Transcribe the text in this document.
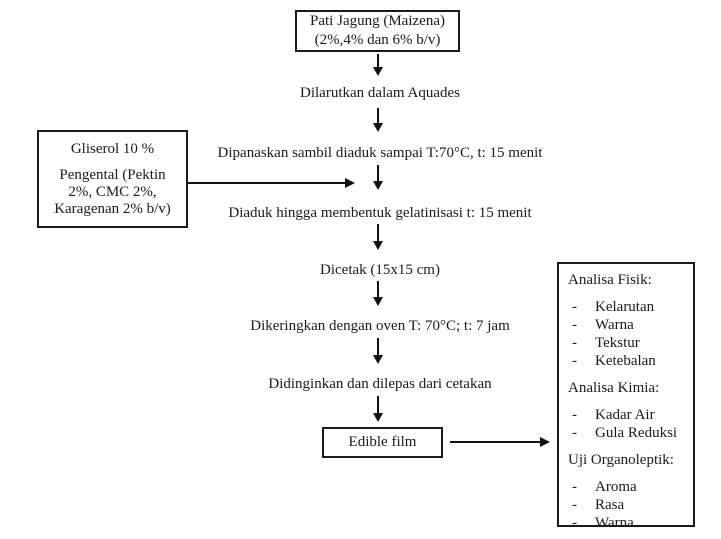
Pati Jagung (Maizena)
(2%,4% dan 6% b/v)
Dilarutkan dalam Aquades
Dipanaskan sambil diaduk sampai T:70°C, t: 15 menit
Diaduk hingga membentuk gelatinisasi t: 15 menit
Dicetak (15x15 cm)
Dikeringkan dengan oven T: 70°C; t: 7 jam
Didinginkan dan dilepas dari cetakan
Gliserol 10 %
Pengental (Pektin 2%, CMC 2%, Karagenan 2% b/v)
Edible film
Analisa Fisik:
-	Kelarutan
-	Warna
-	Tekstur
-	Ketebalan
Analisa Kimia:
-	Kadar Air
-	Gula Reduksi
Uji Organoleptik:
-	Aroma
-	Rasa
-	Warna
